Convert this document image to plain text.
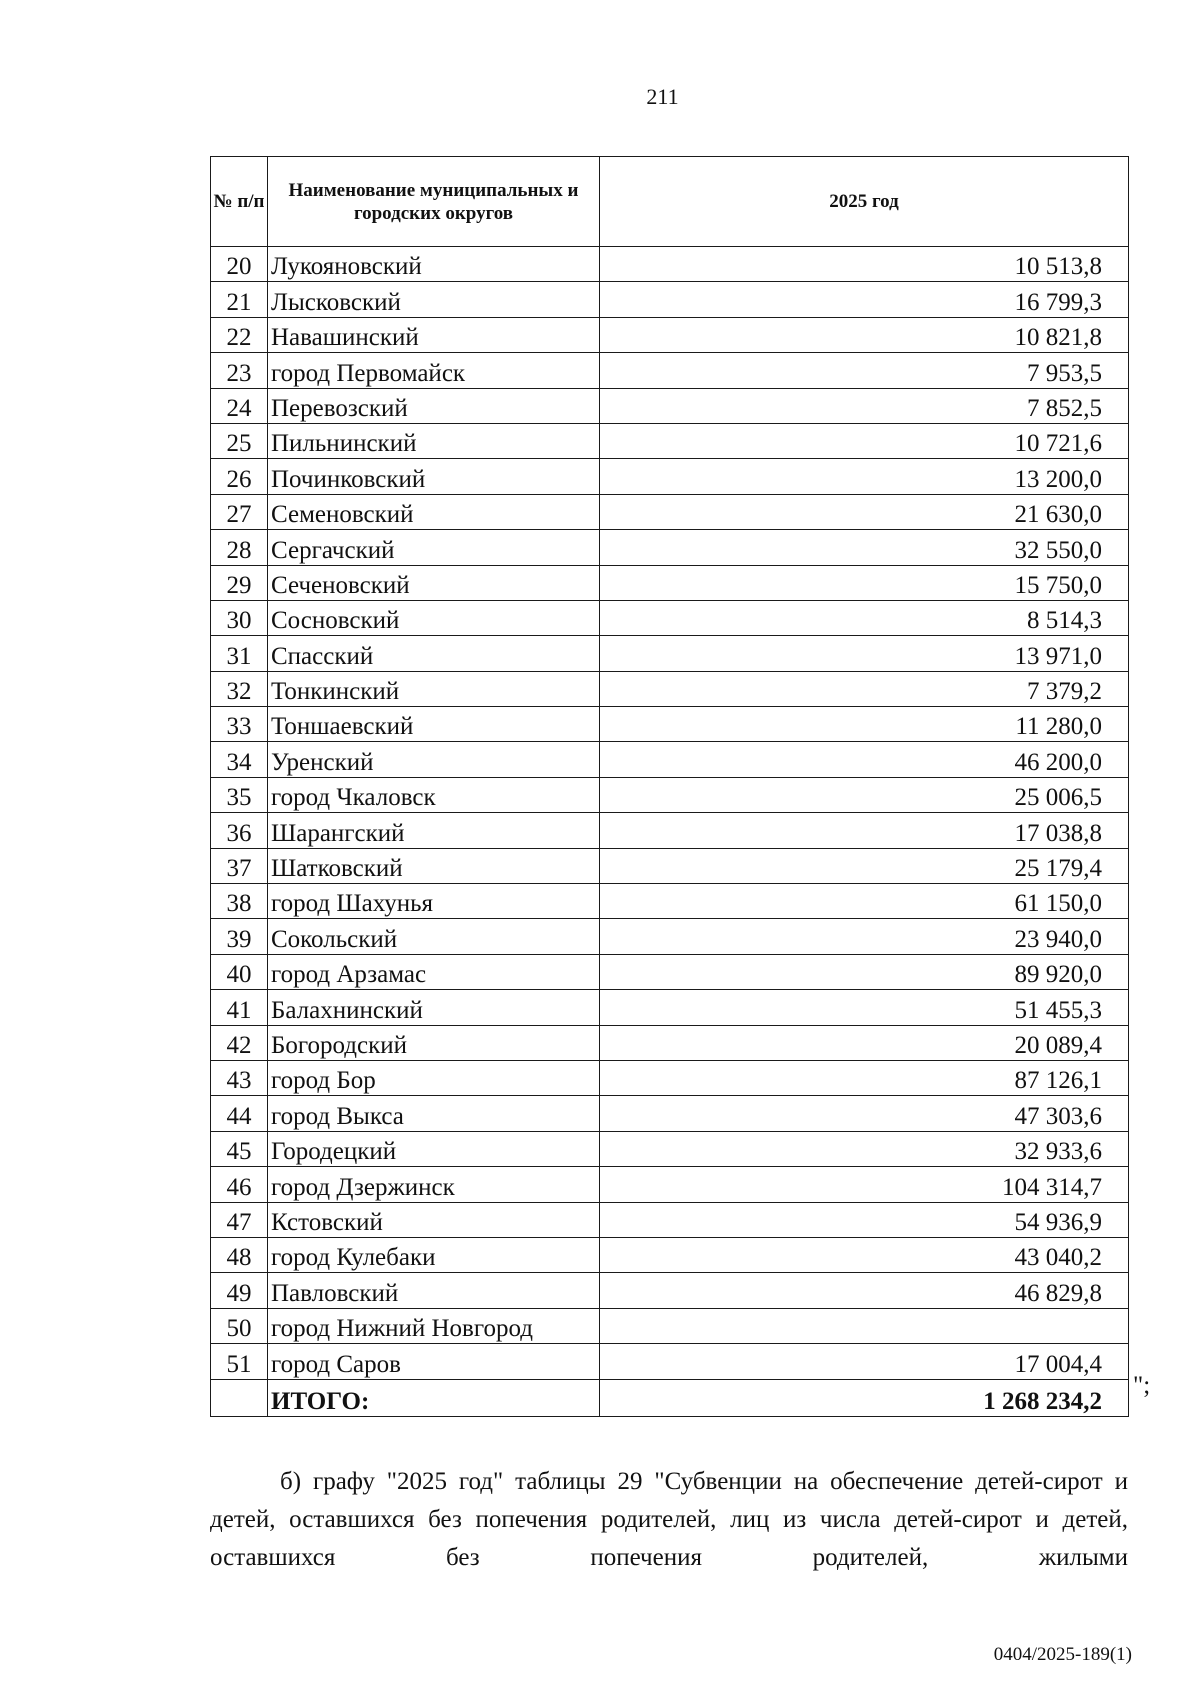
211
№ п/п	Наименование муниципальных и городских округов	2025 год
20	Лукояновский	10 513,8
21	Лысковский	16 799,3
22	Навашинский	10 821,8
23	город Первомайск	7 953,5
24	Перевозский	7 852,5
25	Пильнинский	10 721,6
26	Починковский	13 200,0
27	Семеновский	21 630,0
28	Сергачский	32 550,0
29	Сеченовский	15 750,0
30	Сосновский	8 514,3
31	Спасский	13 971,0
32	Тонкинский	7 379,2
33	Тоншаевский	11 280,0
34	Уренский	46 200,0
35	город Чкаловск	25 006,5
36	Шарангский	17 038,8
37	Шатковский	25 179,4
38	город Шахунья	61 150,0
39	Сокольский	23 940,0
40	город Арзамас	89 920,0
41	Балахнинский	51 455,3
42	Богородский	20 089,4
43	город Бор	87 126,1
44	город Выкса	47 303,6
45	Городецкий	32 933,6
46	город Дзержинск	104 314,7
47	Кстовский	54 936,9
48	город Кулебаки	43 040,2
49	Павловский	46 829,8
50	город Нижний Новгород	
51	город Саров	17 004,4
	ИТОГО:	1 268 234,2
";

б) графу "2025 год" таблицы 29 "Субвенции на обеспечение детей-сирот и детей, оставшихся без попечения родителей, лиц из числа детей-сирот и детей, оставшихся без попечения родителей, жилыми

0404/2025-189(1)
